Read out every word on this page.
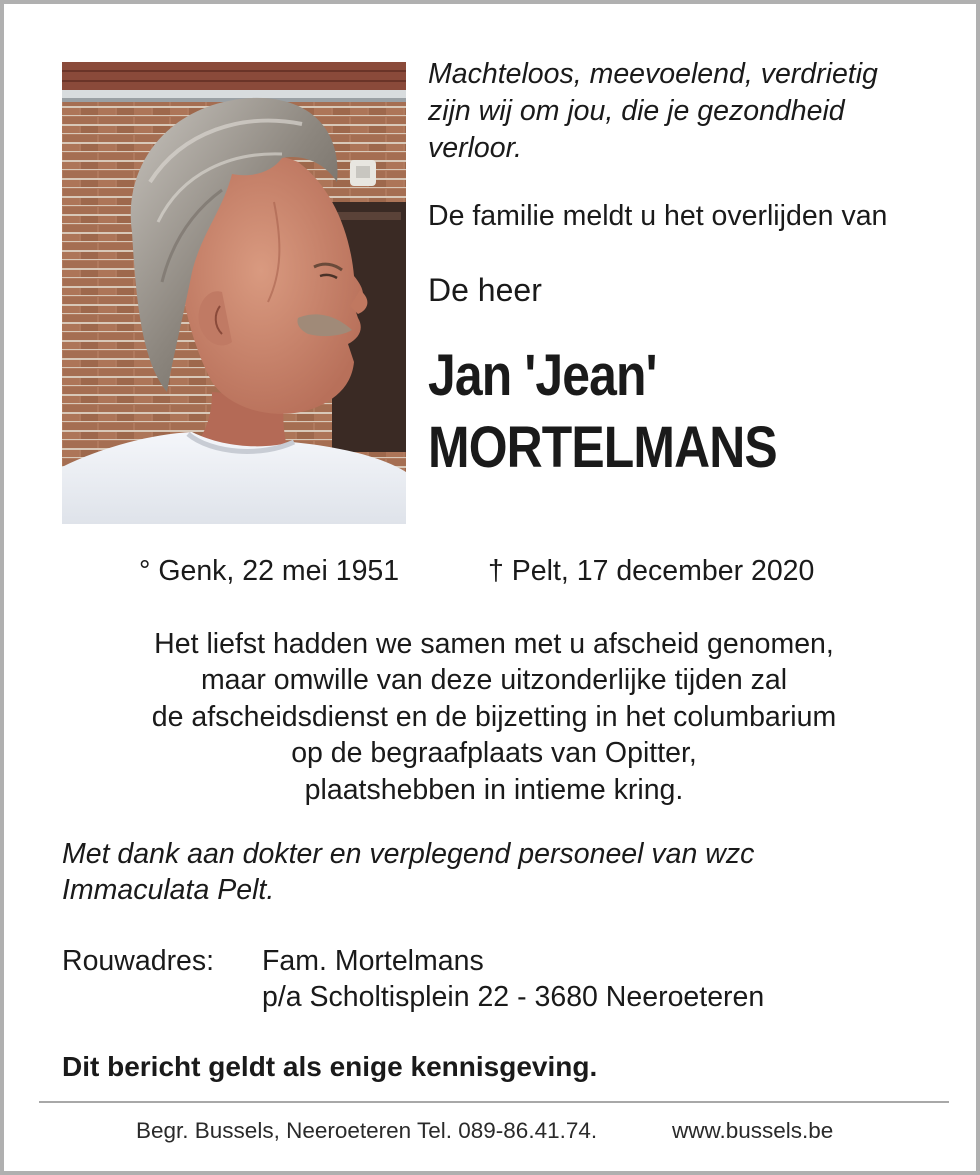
Machteloos, meevoelend, verdrietig
zijn wij om jou, die je gezondheid
verloor.
De familie meldt u het overlijden van
De heer
Jan 'Jean'
MORTELMANS
° Genk, 22 mei 1951	† Pelt, 17 december 2020
Het liefst hadden we samen met u afscheid genomen,
maar omwille van deze uitzonderlijke tijden zal
de afscheidsdienst en de bijzetting in het columbarium
op de begraafplaats van Opitter,
plaatshebben in intieme kring.
Met dank aan dokter en verplegend personeel van wzc
Immaculata Pelt.
Rouwadres: Fam. Mortelmans
p/a Scholtisplein 22 - 3680 Neeroeteren
Dit bericht geldt als enige kennisgeving.
Begr. Bussels, Neeroeteren Tel. 089-86.41.74.	www.bussels.be
